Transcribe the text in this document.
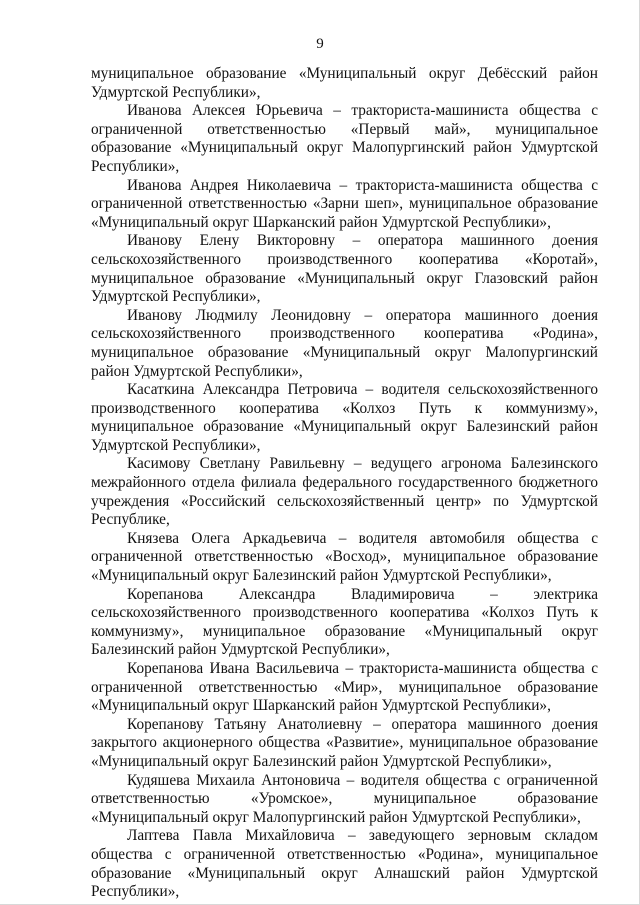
9

муниципальное образование «Муниципальный округ Дебёсский район Удмуртской Республики»,

Иванова Алексея Юрьевича – тракториста-машиниста общества с ограниченной ответственностью «Первый май», муниципальное образование «Муниципальный округ Малопургинский район Удмуртской Республики»,

Иванова Андрея Николаевича – тракториста-машиниста общества с ограниченной ответственностью «Зарни шеп», муниципальное образование «Муниципальный округ Шарканский район Удмуртской Республики»,

Иванову Елену Викторовну – оператора машинного доения сельскохозяйственного производственного кооператива «Коротай», муниципальное образование «Муниципальный округ Глазовский район Удмуртской Республики»,

Иванову Людмилу Леонидовну – оператора машинного доения сельскохозяйственного производственного кооператива «Родина», муниципальное образование «Муниципальный округ Малопургинский район Удмуртской Республики»,

Касаткина Александра Петровича – водителя сельскохозяйственного производственного кооператива «Колхоз Путь к коммунизму», муниципальное образование «Муниципальный округ Балезинский район Удмуртской Республики»,

Касимову Светлану Равильевну – ведущего агронома Балезинского межрайонного отдела филиала федерального государственного бюджетного учреждения «Российский сельскохозяйственный центр» по Удмуртской Республике,

Князева Олега Аркадьевича – водителя автомобиля общества с ограниченной ответственностью «Восход», муниципальное образование «Муниципальный округ Балезинский район Удмуртской Республики»,

Корепанова Александра Владимировича – электрика сельскохозяйственного производственного кооператива «Колхоз Путь к коммунизму», муниципальное образование «Муниципальный округ Балезинский район Удмуртской Республики»,

Корепанова Ивана Васильевича – тракториста-машиниста общества с ограниченной ответственностью «Мир», муниципальное образование «Муниципальный округ Шарканский район Удмуртской Республики»,

Корепанову Татьяну Анатолиевну – оператора машинного доения закрытого акционерного общества «Развитие», муниципальное образование «Муниципальный округ Балезинский район Удмуртской Республики»,

Кудяшева Михаила Антоновича – водителя общества с ограниченной ответственностью «Уромское», муниципальное образование «Муниципальный округ Малопургинский район Удмуртской Республики»,

Лаптева Павла Михайловича – заведующего зерновым складом общества с ограниченной ответственностью «Родина», муниципальное образование «Муниципальный округ Алнашский район Удмуртской Республики»,
